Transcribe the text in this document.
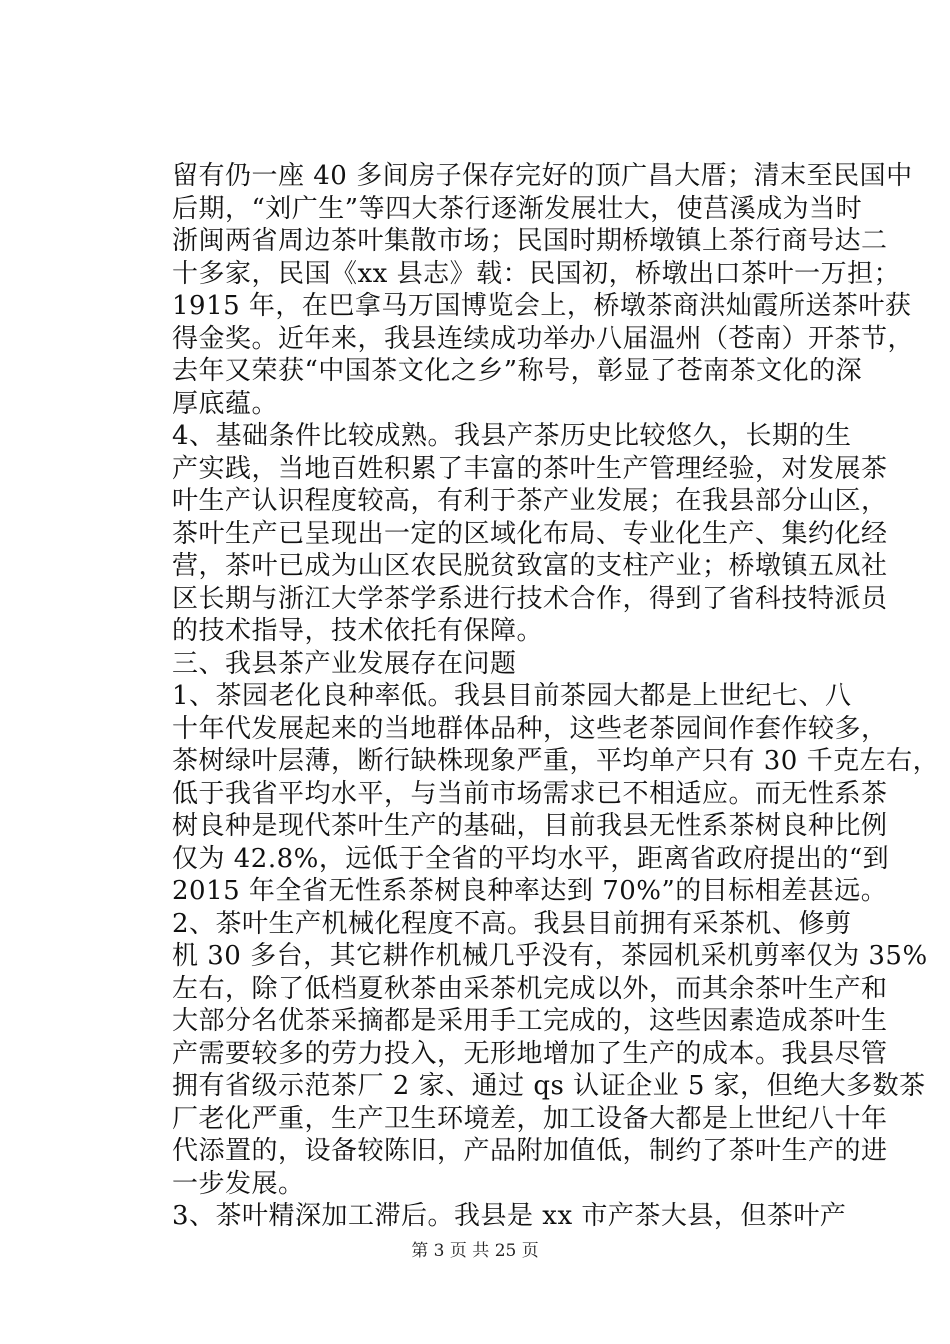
留有仍一座 40 多间房子保存完好的顶广昌大厝；清末至民国中
后期，“刘广生”等四大茶行逐渐发展壮大，使莒溪成为当时
浙闽两省周边茶叶集散市场；民国时期桥墩镇上茶行商号达二
十多家，民国《xx 县志》载：民国初，桥墩出口茶叶一万担；
1915 年，在巴拿马万国博览会上，桥墩茶商洪灿霞所送茶叶获
得金奖。近年来，我县连续成功举办八届温州（苍南）开茶节，
去年又荣获“中国茶文化之乡”称号，彰显了苍南茶文化的深
厚底蕴。
4、基础条件比较成熟。我县产茶历史比较悠久，长期的生
产实践，当地百姓积累了丰富的茶叶生产管理经验，对发展茶
叶生产认识程度较高，有利于茶产业发展；在我县部分山区，
茶叶生产已呈现出一定的区域化布局、专业化生产、集约化经
营，茶叶已成为山区农民脱贫致富的支柱产业；桥墩镇五凤社
区长期与浙江大学茶学系进行技术合作，得到了省科技特派员
的技术指导，技术依托有保障。
三、我县茶产业发展存在问题
1、茶园老化良种率低。我县目前茶园大都是上世纪七、八
十年代发展起来的当地群体品种，这些老茶园间作套作较多，
茶树绿叶层薄，断行缺株现象严重，平均单产只有 30 千克左右，
低于我省平均水平，与当前市场需求已不相适应。而无性系茶
树良种是现代茶叶生产的基础，目前我县无性系茶树良种比例
仅为 42.8%，远低于全省的平均水平，距离省政府提出的“到
2015 年全省无性系茶树良种率达到 70%”的目标相差甚远。
2、茶叶生产机械化程度不高。我县目前拥有采茶机、修剪
机 30 多台，其它耕作机械几乎没有，茶园机采机剪率仅为 35%
左右，除了低档夏秋茶由采茶机完成以外，而其余茶叶生产和
大部分名优茶采摘都是采用手工完成的，这些因素造成茶叶生
产需要较多的劳力投入，无形地增加了生产的成本。我县尽管
拥有省级示范茶厂 2 家、通过 qs 认证企业 5 家，但绝大多数茶
厂老化严重，生产卫生环境差，加工设备大都是上世纪八十年
代添置的，设备较陈旧，产品附加值低，制约了茶叶生产的进
一步发展。
3、茶叶精深加工滞后。我县是 xx 市产茶大县，但茶叶产
第 3 页 共 25 页
